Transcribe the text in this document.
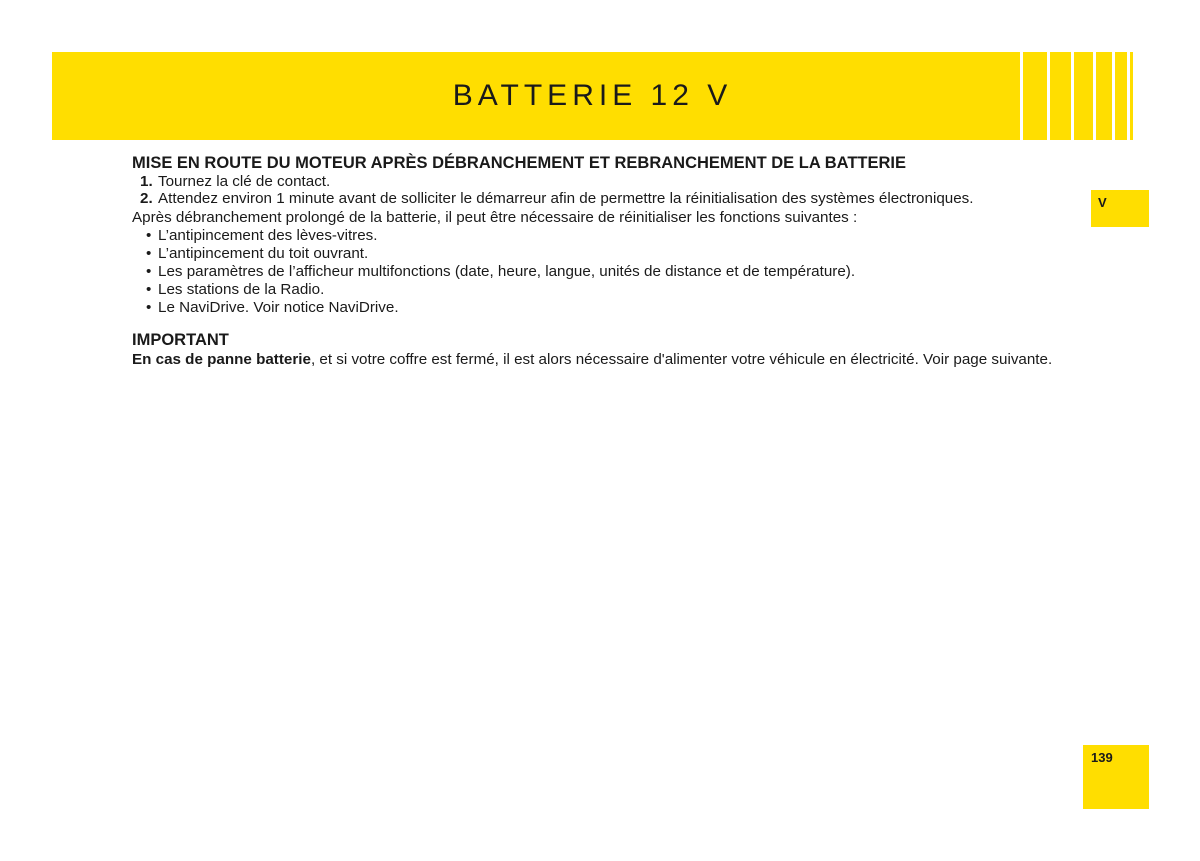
BATTERIE 12 V
MISE EN ROUTE DU MOTEUR APRÈS DÉBRANCHEMENT ET REBRANCHEMENT DE LA BATTERIE
1. Tournez la clé de contact.
2. Attendez environ 1 minute avant de solliciter le démarreur afin de permettre la réinitialisation des systèmes électroniques.

Après débranchement prolongé de la batterie, il peut être nécessaire de réinitialiser les fonctions suivantes :

• L’antipincement des lèves-vitres.
• L’antipincement du toit ouvrant.
• Les paramètres de l’afficheur multifonctions (date, heure, langue, unités de distance et de température).
• Les stations de la Radio.
• Le NaviDrive. Voir notice NaviDrive.
IMPORTANT

En cas de panne batterie, et si votre coffre est fermé, il est alors nécessaire d'alimenter votre véhicule en électricité. Voir page suivante.

V
139
